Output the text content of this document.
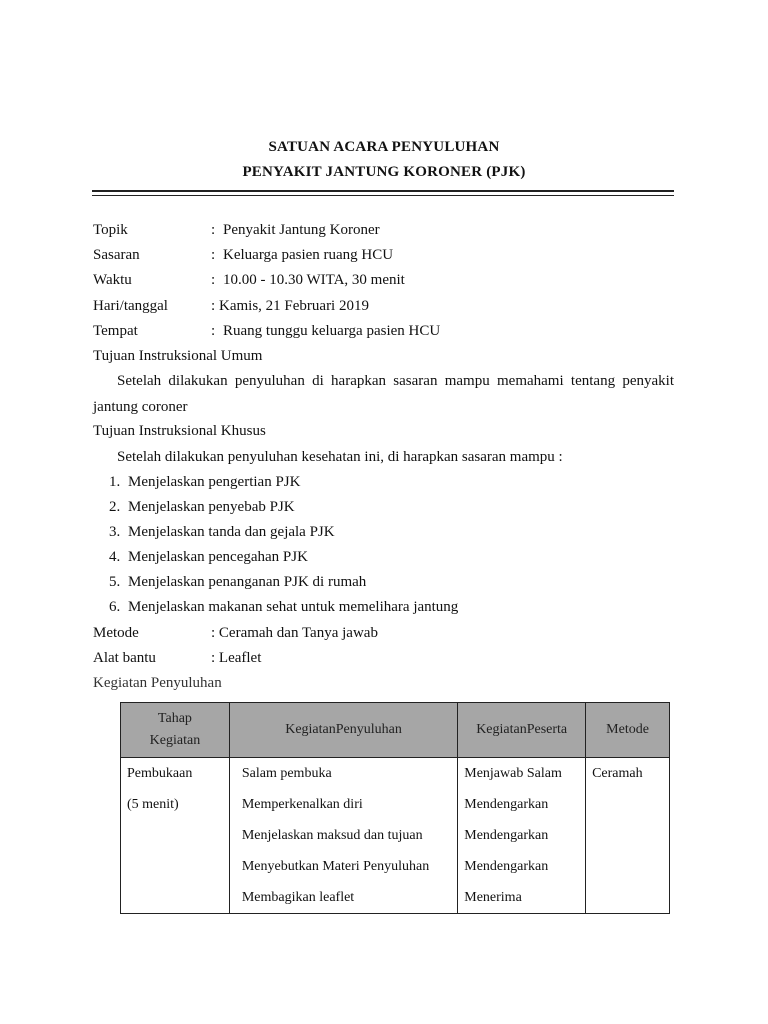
SATUAN ACARA PENYULUHAN
PENYAKIT JANTUNG KORONER (PJK)
Topik	: Penyakit Jantung Koroner
Sasaran	: Keluarga pasien ruang HCU
Waktu	: 10.00 - 10.30 WITA, 30 menit
Hari/tanggal	: Kamis, 21 Februari 2019
Tempat	: Ruang tunggu keluarga pasien HCU
Tujuan Instruksional Umum
Setelah dilakukan penyuluhan di harapkan sasaran mampu memahami tentang penyakit
jantung coroner
Tujuan Instruksional Khusus
Setelah dilakukan penyuluhan kesehatan ini, di harapkan sasaran mampu :
1. Menjelaskan pengertian PJK
2. Menjelaskan penyebab PJK
3. Menjelaskan tanda dan gejala PJK
4. Menjelaskan pencegahan PJK
5. Menjelaskan penanganan PJK di rumah
6. Menjelaskan makanan sehat untuk memelihara jantung
Metode	: Ceramah dan Tanya jawab
Alat bantu	: Leaflet
Kegiatan Penyuluhan
Tahap Kegiatan	KegiatanPenyuluhan	KegiatanPeserta	Metode
Pembukaan	Salam pembuka	Menjawab Salam	Ceramah
(5 menit)	Memperkenalkan diri	Mendengarkan	
	Menjelaskan maksud dan tujuan	Mendengarkan	
	Menyebutkan Materi Penyuluhan	Mendengarkan	
	Membagikan leaflet	Menerima	
